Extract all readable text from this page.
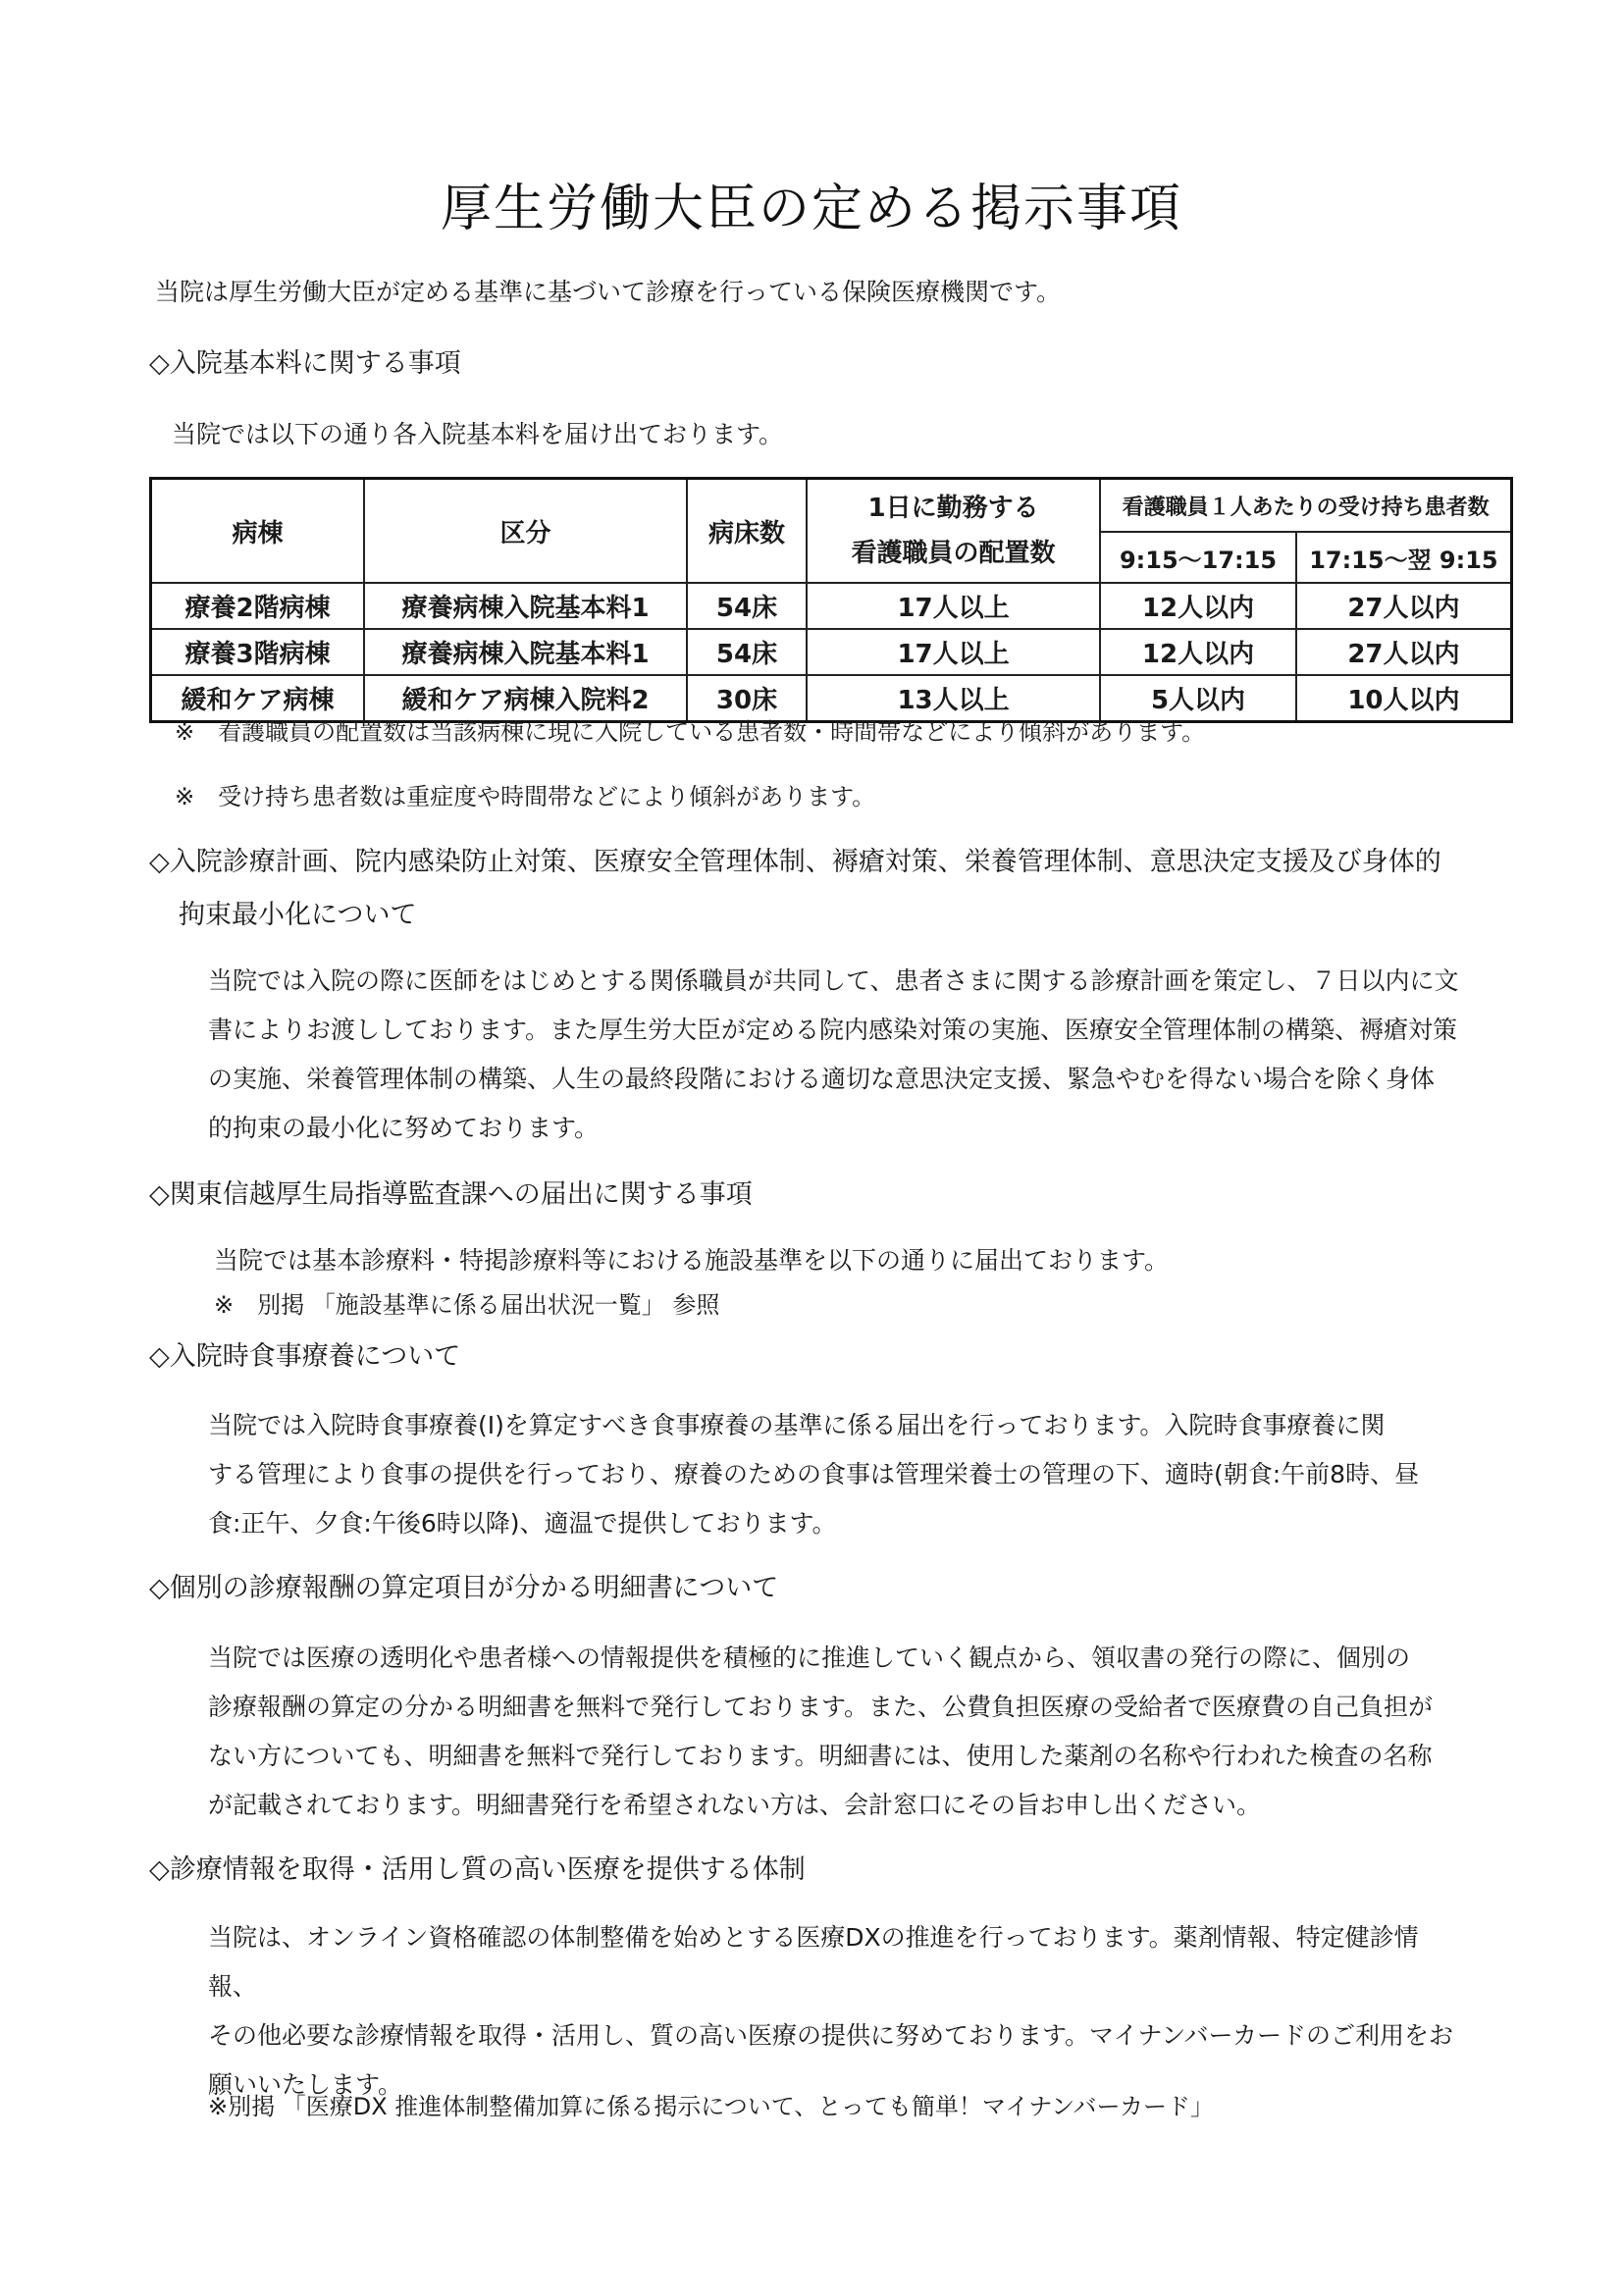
厚生労働大臣の定める掲示事項

当院は厚生労働大臣が定める基準に基づいて診療を行っている保険医療機関です。

◇入院基本料に関する事項

当院では以下の通り各入院基本料を届け出ております。

病棟	区分	病床数	1日に勤務する
看護職員の配置数	看護職員１人あたりの受け持ち患者数	
				9:15～17:15	17:15～翌 9:15
療養2階病棟	療養病棟入院基本料1	54床	17人以上	12人以内	27人以内
療養3階病棟	療養病棟入院基本料1	54床	17人以上	12人以内	27人以内
緩和ケア病棟	緩和ケア病棟入院料2	30床	13人以上	5人以内	10人以内

※　看護職員の配置数は当該病棟に現に入院している患者数・時間帯などにより傾斜があります。

※　受け持ち患者数は重症度や時間帯などにより傾斜があります。

◇入院診療計画、院内感染防止対策、医療安全管理体制、褥瘡対策、栄養管理体制、意思決定支援及び身体的
拘束最小化について
当院では入院の際に医師をはじめとする関係職員が共同して、患者さまに関する診療計画を策定し、７日以内に文
書によりお渡ししております。また厚生労大臣が定める院内感染対策の実施、医療安全管理体制の構築、褥瘡対策
の実施、栄養管理体制の構築、人生の最終段階における適切な意思決定支援、緊急やむを得ない場合を除く身体
的拘束の最小化に努めております。
◇関東信越厚生局指導監査課への届出に関する事項

当院では基本診療料・特掲診療料等における施設基準を以下の通りに届出ております。

※　別掲 「施設基準に係る届出状況一覧」 参照

◇入院時食事療養について
当院では入院時食事療養(Ⅰ)を算定すべき食事療養の基準に係る届出を行っております。入院時食事療養に関
する管理により食事の提供を行っており、療養のための食事は管理栄養士の管理の下、適時(朝食:午前8時、昼
食:正午、夕食:午後6時以降)、適温で提供しております。
◇個別の診療報酬の算定項目が分かる明細書について
当院では医療の透明化や患者様への情報提供を積極的に推進していく観点から、領収書の発行の際に、個別の
診療報酬の算定の分かる明細書を無料で発行しております。また、公費負担医療の受給者で医療費の自己負担が
ない方についても、明細書を無料で発行しております。明細書には、使用した薬剤の名称や行われた検査の名称
が記載されております。明細書発行を希望されない方は、会計窓口にその旨お申し出ください。
◇診療情報を取得・活用し質の高い医療を提供する体制
当院は、オンライン資格確認の体制整備を始めとする医療DXの推進を行っております。薬剤情報、特定健診情報、
その他必要な診療情報を取得・活用し、質の高い医療の提供に努めております。マイナンバーカードのご利用をお
願いいたします。

※別掲 「医療DX 推進体制整備加算に係る掲示について、とっても簡単！マイナンバーカード」
